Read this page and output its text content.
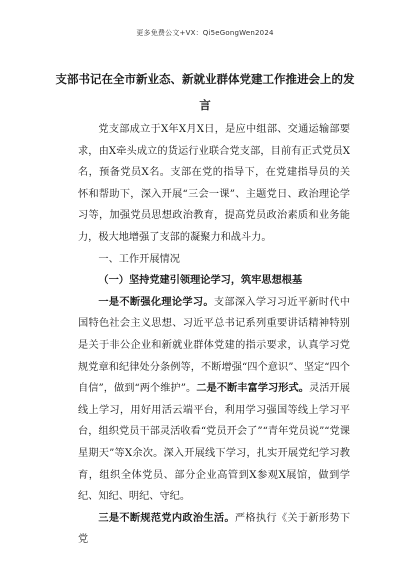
更多免费公文+VX：Qi5eGongWen2024
支部书记在全市新业态、新就业群体党建工作推进会上的发言

党支部成立于X年X月X日，是应中组部、交通运输部要求，由X牵头成立的货运行业联合党支部，目前有正式党员X名，预备党员X名。支部在党的指导下，在党建指导员的关怀和帮助下，深入开展“三会一课”、主题党日、政治理论学习等，加强党员思想政治教育，提高党员政治素质和业务能力，极大地增强了支部的凝聚力和战斗力。

一、工作开展情况

（一）坚持党建引领理论学习，筑牢思想根基

一是不断强化理论学习。支部深入学习习近平新时代中国特色社会主义思想、习近平总书记系列重要讲话精神特别是关于非公企业和新就业群体党建的指示要求，认真学习党规党章和纪律处分条例等，不断增强“四个意识”、坚定“四个自信”，做到“两个维护”。二是不断丰富学习形式。灵活开展线上学习，用好用活云端平台，利用学习强国等线上学习平台，组织党员干部灵活收看“党员开会了”“青年党员说”“党课星期天”等X余次。深入开展线下学习，扎实开展党纪学习教育，组织全体党员、部分企业高管到X参观X展馆，做到学纪、知纪、明纪、守纪。

三是不断规范党内政治生活。严格执行《关于新形势下党
